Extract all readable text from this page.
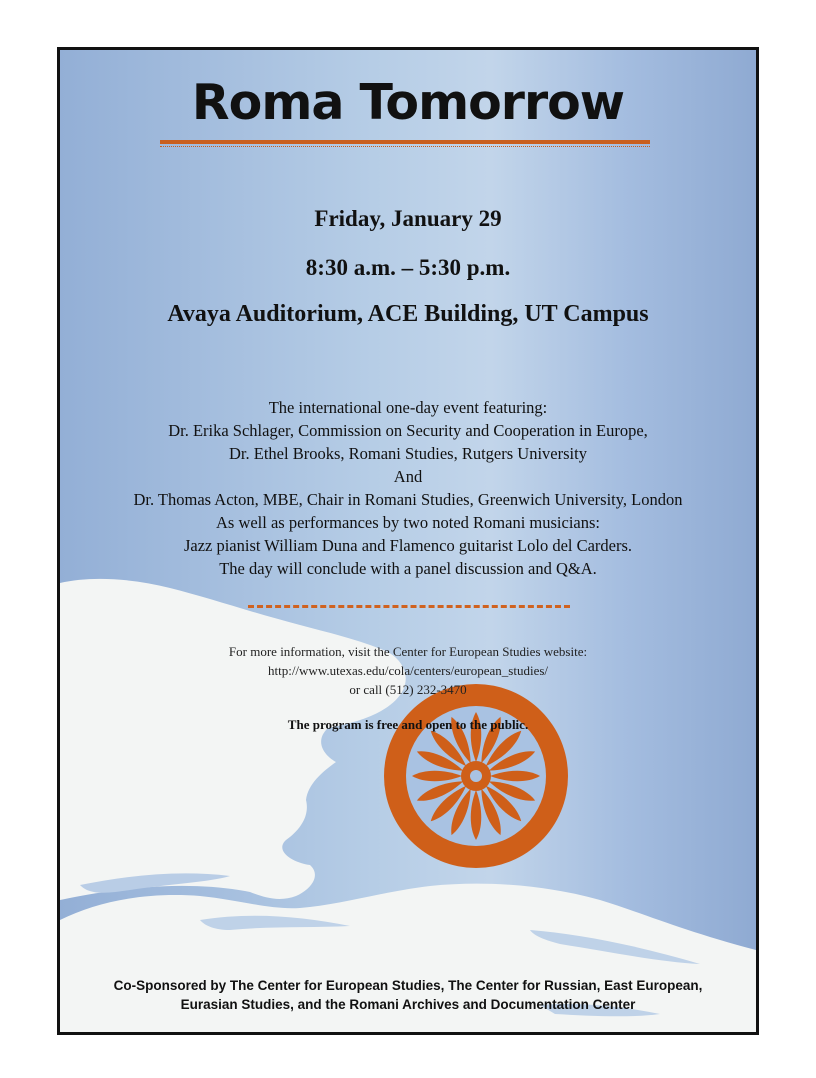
Roma Tomorrow
Friday, January 29
8:30 a.m. – 5:30 p.m.
Avaya Auditorium, ACE Building, UT Campus
The international one-day event featuring:
Dr. Erika Schlager, Commission on Security and Cooperation in Europe,
Dr. Ethel Brooks, Romani Studies, Rutgers University
And
Dr. Thomas Acton, MBE, Chair in Romani Studies, Greenwich University, London
As well as performances by two noted Romani musicians:
Jazz pianist William Duna and Flamenco guitarist Lolo del Carders.
The day will conclude with a panel discussion and Q&A.
For more information, visit the Center for European Studies website:
http://www.utexas.edu/cola/centers/european_studies/
or call (512) 232-3470
The program is free and open to the public.
Co-Sponsored by The Center for European Studies, The Center for Russian, East European,
Eurasian Studies, and the Romani Archives and Documentation Center
